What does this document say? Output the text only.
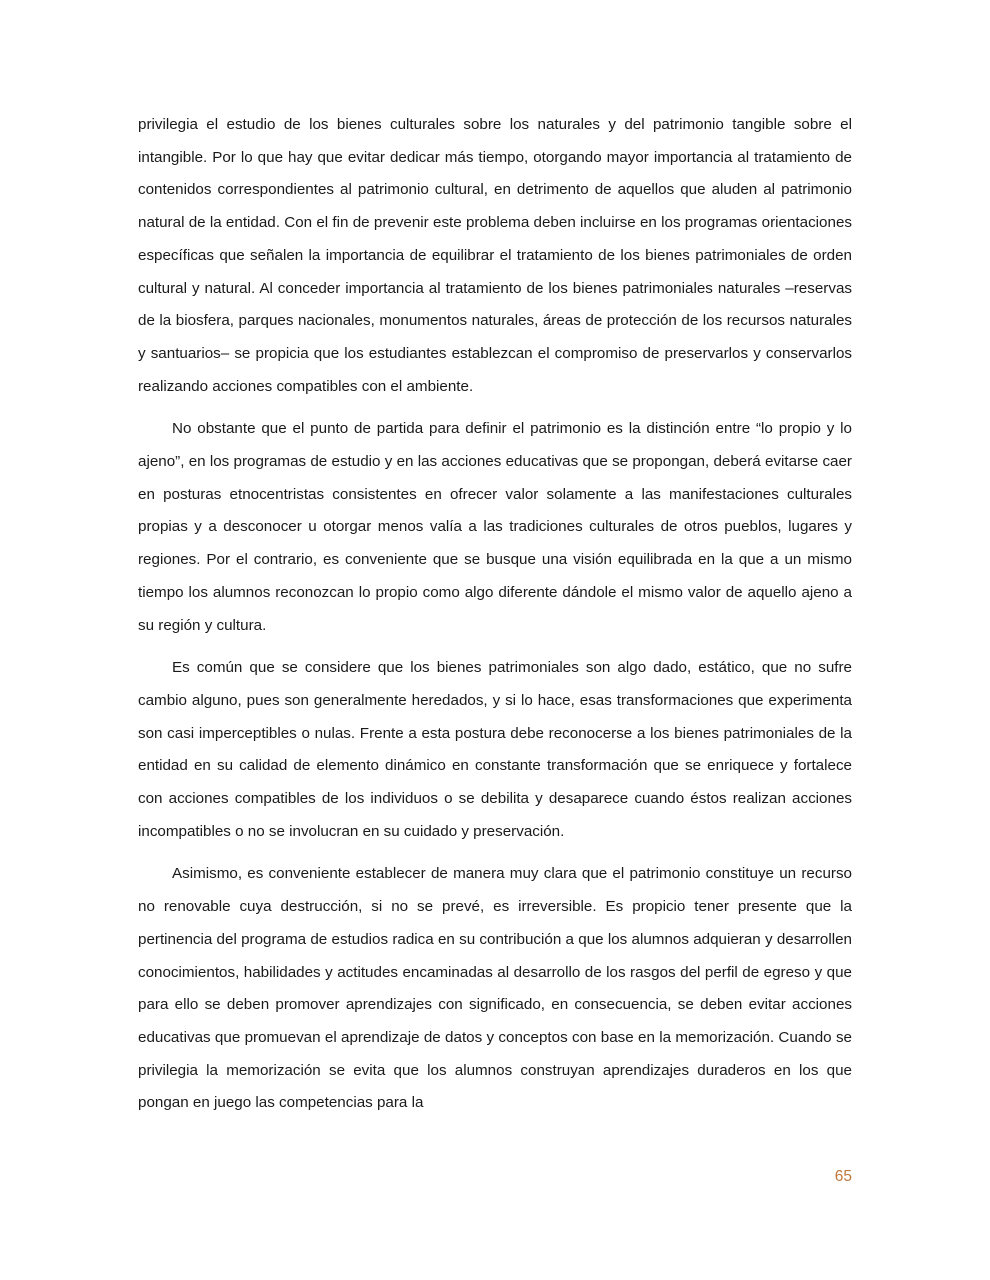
privilegia el estudio de los bienes culturales sobre los naturales y del patrimonio tangible sobre el intangible. Por lo que hay que evitar dedicar más tiempo, otorgando mayor importancia al tratamiento de contenidos correspondientes al patrimonio cultural, en detrimento de aquellos que aluden al patrimonio natural de la entidad. Con el fin de prevenir este problema deben incluirse en los programas orientaciones específicas que señalen la importancia de equilibrar el tratamiento de los bienes patrimoniales de orden cultural y natural. Al conceder importancia al tratamiento de los bienes patrimoniales naturales –reservas de la biosfera, parques nacionales, monumentos naturales, áreas de protección de los recursos naturales y santuarios– se propicia que los estudiantes establezcan el compromiso de preservarlos y conservarlos realizando acciones compatibles con el ambiente.

No obstante que el punto de partida para definir el patrimonio es la distinción entre “lo propio y lo ajeno”, en los programas de estudio y en las acciones educativas que se propongan, deberá evitarse caer en posturas etnocentristas consistentes en ofrecer valor solamente a las manifestaciones culturales propias y a desconocer u otorgar menos valía a las tradiciones culturales de otros pueblos, lugares y regiones. Por el contrario, es conveniente que se busque una visión equilibrada en la que a un mismo tiempo los alumnos reconozcan lo propio como algo diferente dándole el mismo valor de aquello ajeno a su región y cultura.

Es común que se considere que los bienes patrimoniales son algo dado, estático, que no sufre cambio alguno, pues son generalmente heredados, y si lo hace, esas transformaciones que experimenta son casi imperceptibles o nulas. Frente a esta postura debe reconocerse a los bienes patrimoniales de la entidad en su calidad de elemento dinámico en constante transformación que se enriquece y fortalece con acciones compatibles de los individuos o se debilita y desaparece cuando éstos realizan acciones incompatibles o no se involucran en su cuidado y preservación.

Asimismo, es conveniente establecer de manera muy clara que el patrimonio constituye un recurso no renovable cuya destrucción, si no se prevé, es irreversible. Es propicio tener presente que la pertinencia del programa de estudios radica en su contribución a que los alumnos adquieran y desarrollen conocimientos, habilidades y actitudes encaminadas al desarrollo de los rasgos del perfil de egreso y que para ello se deben promover aprendizajes con significado, en consecuencia, se deben evitar acciones educativas que promuevan el aprendizaje de datos y conceptos con base en la memorización. Cuando se privilegia la memorización se evita que los alumnos construyan aprendizajes duraderos en los que pongan en juego las competencias para la

65
